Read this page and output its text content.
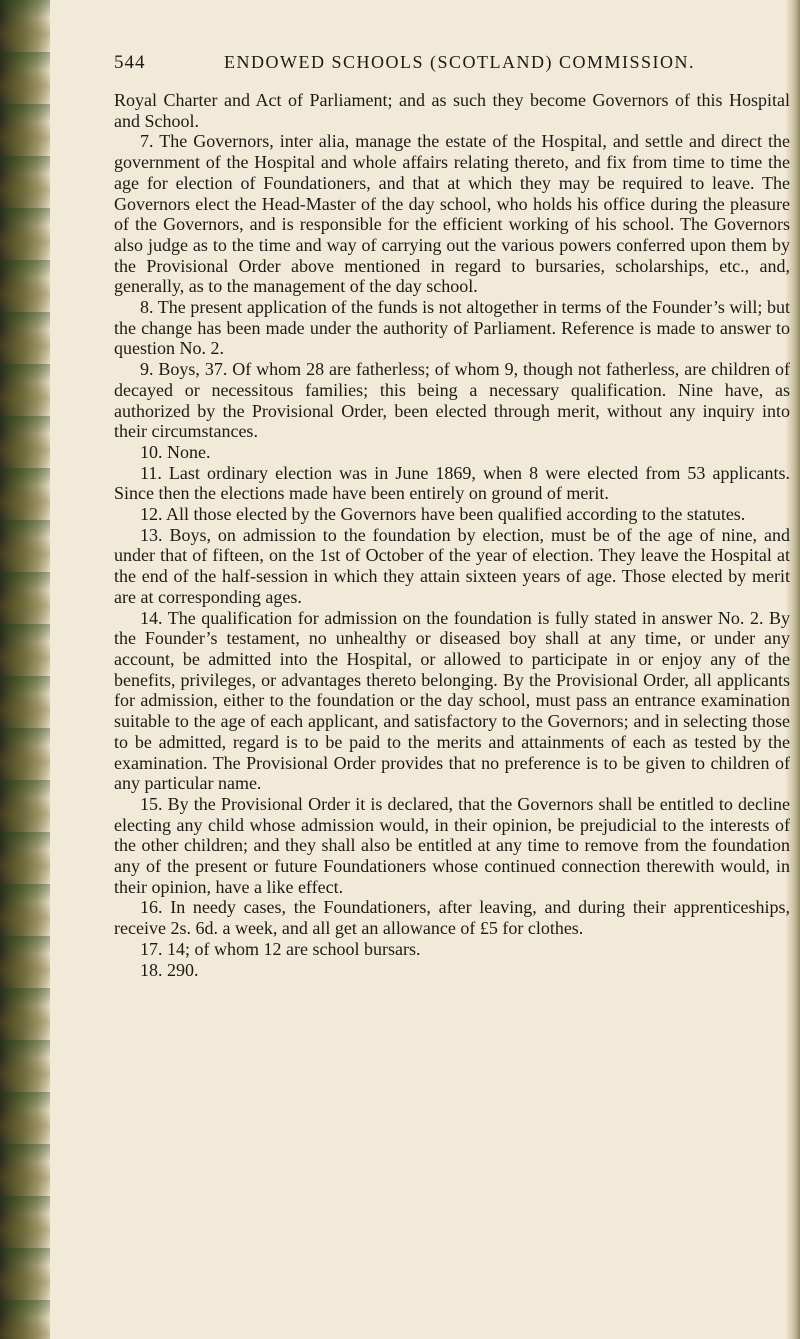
544	ENDOWED SCHOOLS (SCOTLAND) COMMISSION.

Royal Charter and Act of Parliament; and as such they become Governors of this Hospital and School.

7. The Governors, inter alia, manage the estate of the Hospital, and settle and direct the government of the Hospital and whole affairs relating thereto, and fix from time to time the age for election of Foundationers, and that at which they may be required to leave. The Governors elect the Head-Master of the day school, who holds his office during the pleasure of the Governors, and is responsible for the efficient working of his school. The Governors also judge as to the time and way of carrying out the various powers conferred upon them by the Provisional Order above mentioned in regard to bursaries, scholarships, etc., and, generally, as to the management of the day school.

8. The present application of the funds is not altogether in terms of the Founder’s will; but the change has been made under the authority of Parliament. Reference is made to answer to question No. 2.

9. Boys, 37. Of whom 28 are fatherless; of whom 9, though not fatherless, are children of decayed or necessitous families; this being a necessary qualification. Nine have, as authorized by the Provisional Order, been elected through merit, without any inquiry into their circumstances.

10. None.

11. Last ordinary election was in June 1869, when 8 were elected from 53 applicants. Since then the elections made have been entirely on ground of merit.

12. All those elected by the Governors have been qualified according to the statutes.

13. Boys, on admission to the foundation by election, must be of the age of nine, and under that of fifteen, on the 1st of October of the year of election. They leave the Hospital at the end of the half-session in which they attain sixteen years of age. Those elected by merit are at corresponding ages.

14. The qualification for admission on the foundation is fully stated in answer No. 2. By the Founder’s testament, no unhealthy or diseased boy shall at any time, or under any account, be admitted into the Hospital, or allowed to participate in or enjoy any of the benefits, privileges, or advantages thereto belonging. By the Provisional Order, all applicants for admission, either to the foundation or the day school, must pass an entrance examination suitable to the age of each applicant, and satisfactory to the Governors; and in selecting those to be admitted, regard is to be paid to the merits and attainments of each as tested by the examination. The Provisional Order provides that no preference is to be given to children of any particular name.

15. By the Provisional Order it is declared, that the Governors shall be entitled to decline electing any child whose admission would, in their opinion, be prejudicial to the interests of the other children; and they shall also be entitled at any time to remove from the foundation any of the present or future Foundationers whose continued connection therewith would, in their opinion, have a like effect.

16. In needy cases, the Foundationers, after leaving, and during their apprenticeships, receive 2s. 6d. a week, and all get an allowance of £5 for clothes.

17. 14; of whom 12 are school bursars.

18. 290.
